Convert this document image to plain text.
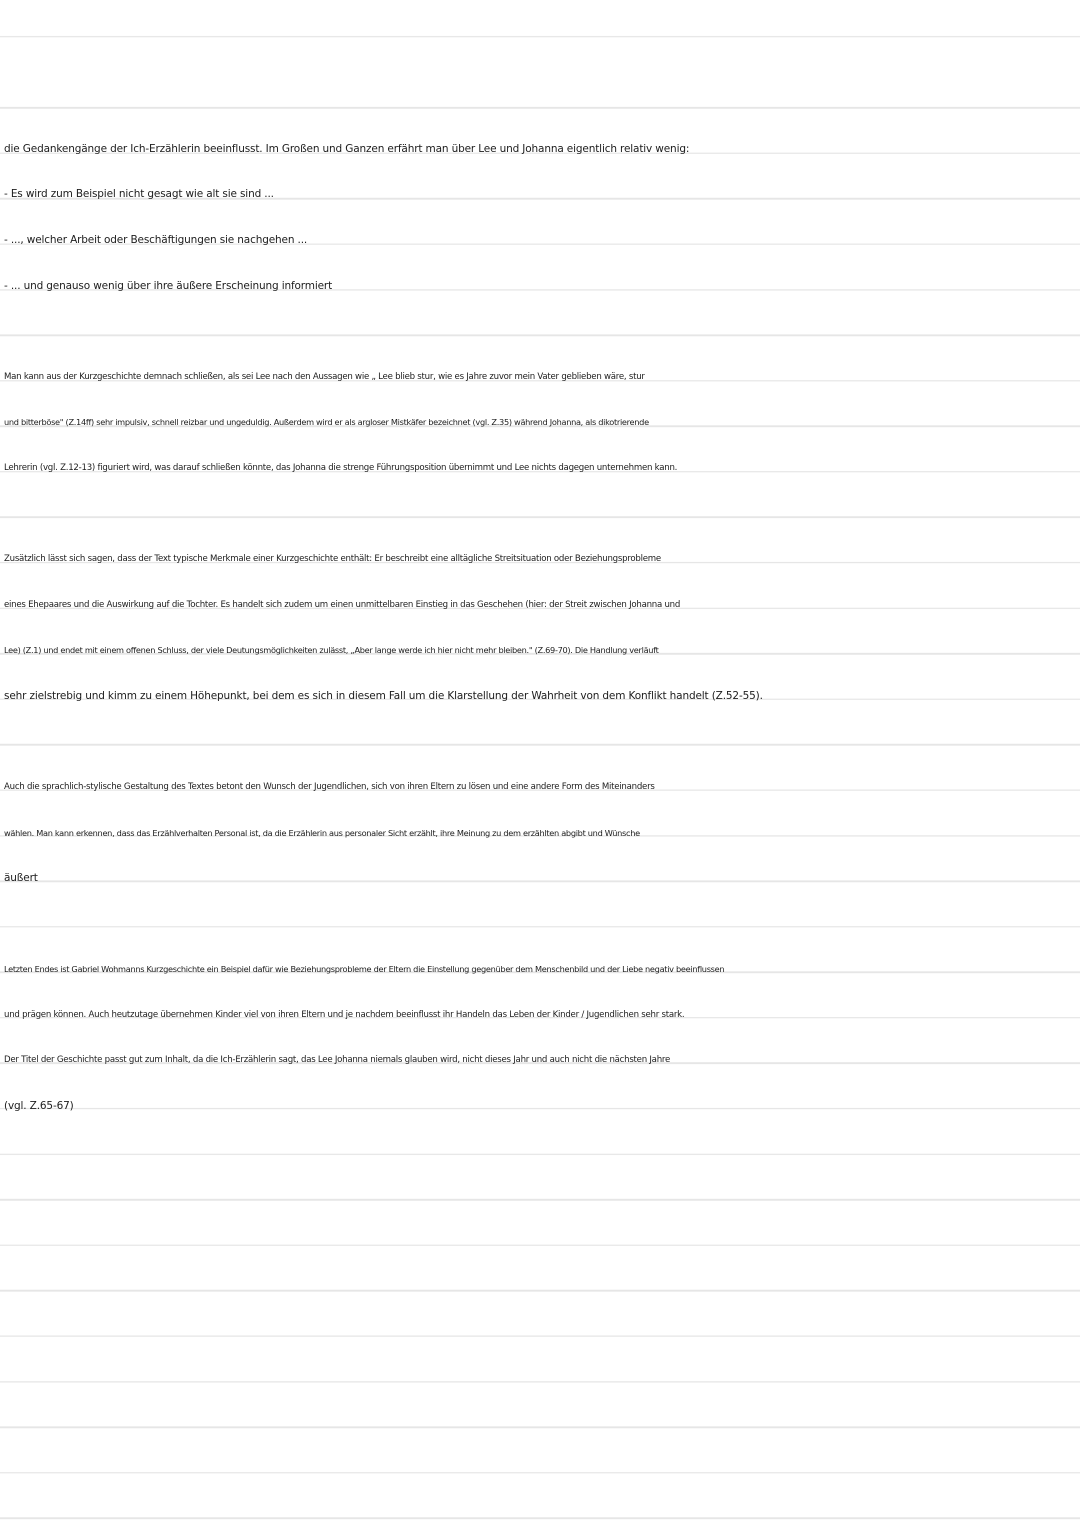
die Gedankengänge der Ich-Erzählerin beeinflusst. Im Großen und Ganzen erfährt man über Lee und Johanna eigentlich relativ wenig:
- Es wird zum Beispiel nicht gesagt wie alt sie sind ...
- ..., welcher Arbeit oder Beschäftigungen sie nachgehen ...
- ... und genauso wenig über ihre äußere Erscheinung informiert
Man kann aus der Kurzgeschichte demnach schließen, als sei Lee nach den Aussagen wie „ Lee blieb stur, wie es Jahre zuvor mein Vater geblieben wäre, stur
und bitterböse" (Z.14ff) sehr impulsiv, schnell reizbar und ungeduldig. Außerdem wird er als argloser Mistkäfer bezeichnet (vgl. Z.35) während Johanna, als dikotrierende
Lehrerin (vgl. Z.12-13) figuriert wird, was darauf schließen könnte, das Johanna die strenge Führungsposition übernimmt und Lee nichts dagegen unternehmen kann.
Zusätzlich lässt sich sagen, dass der Text typische Merkmale einer Kurzgeschichte enthält: Er beschreibt eine alltägliche Streitsituation oder Beziehungsprobleme
eines Ehepaares und die Auswirkung auf die Tochter. Es handelt sich zudem um einen unmittelbaren Einstieg in das Geschehen (hier: der Streit zwischen Johanna und
Lee) (Z.1) und endet mit einem offenen Schluss, der viele Deutungsmöglichkeiten zulässt, „Aber lange werde ich hier nicht mehr bleiben." (Z.69-70). Die Handlung verläuft
sehr zielstrebig und kimm zu einem Höhepunkt, bei dem es sich in diesem Fall um die Klarstellung der Wahrheit von dem Konflikt handelt (Z.52-55).
Auch die sprachlich-stylische Gestaltung des Textes betont den Wunsch der Jugendlichen, sich von ihren Eltern zu lösen und eine andere Form des Miteinanders
wählen. Man kann erkennen, dass das Erzählverhalten Personal ist, da die Erzählerin aus personaler Sicht erzählt, ihre Meinung zu dem erzählten abgibt und Wünsche
äußert
Letzten Endes ist Gabriel Wohmanns Kurzgeschichte ein Beispiel dafür wie Beziehungsprobleme der Eltern die Einstellung gegenüber dem Menschenbild und der Liebe negativ beeinflussen
und prägen können. Auch heutzutage übernehmen Kinder viel von ihren Eltern und je nachdem beeinflusst ihr Handeln das Leben der Kinder / Jugendlichen sehr stark.
Der Titel der Geschichte passt gut zum Inhalt, da die Ich-Erzählerin sagt, das Lee Johanna niemals glauben wird, nicht dieses Jahr und auch nicht die nächsten Jahre
(vgl. Z.65-67)
